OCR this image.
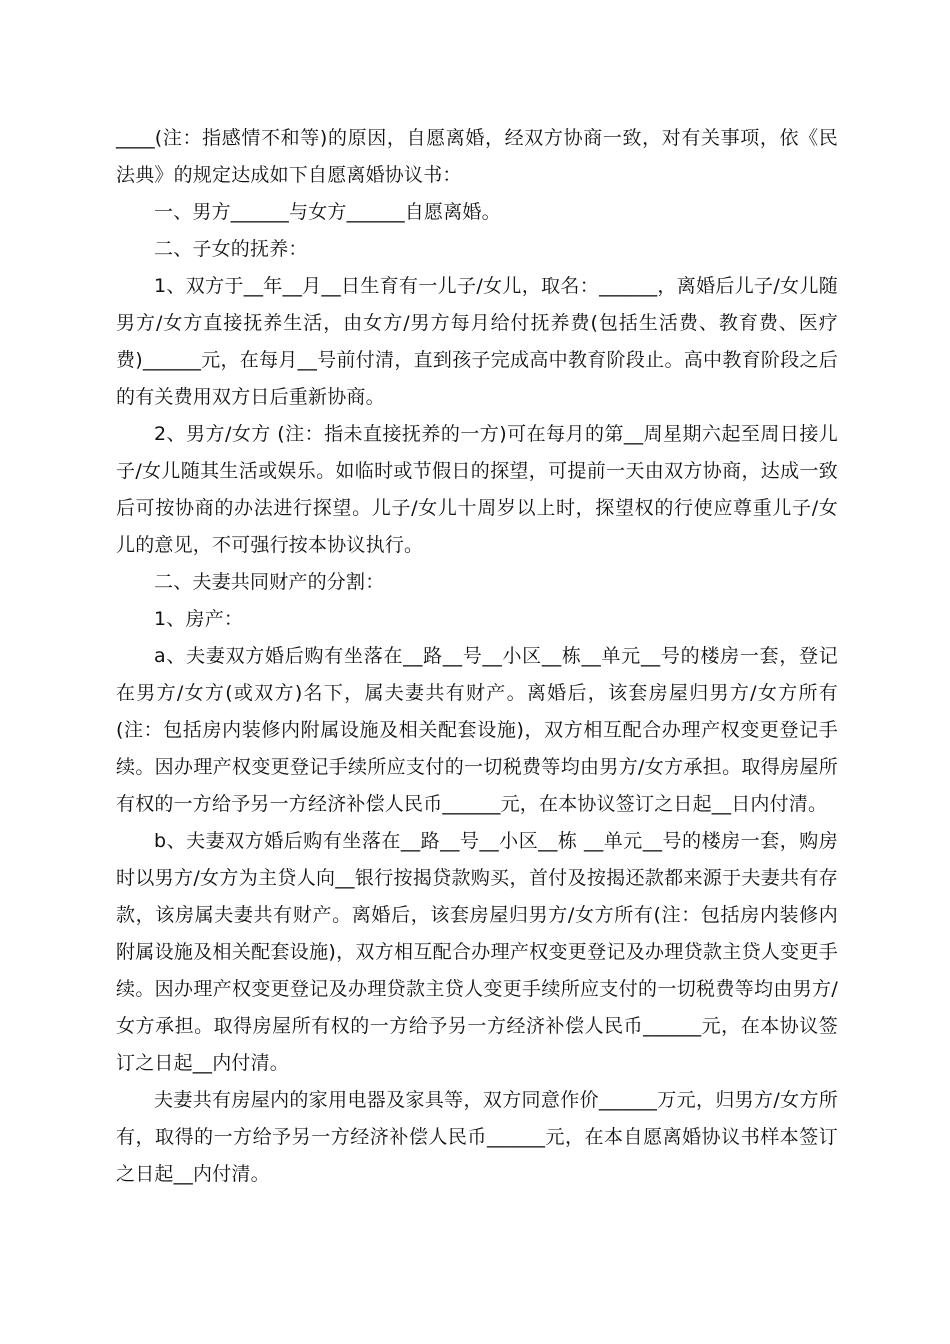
____(注：指感情不和等)的原因，自愿离婚，经双方协商一致，对有关事项，依《民法典》的规定达成如下自愿离婚协议书：

一、男方______与女方______自愿离婚。

二、子女的抚养：

1、双方于__年__月__日生育有一儿子/女儿，取名：______，离婚后儿子/女儿随男方/女方直接抚养生活，由女方/男方每月给付抚养费(包括生活费、教育费、医疗费)______元，在每月__号前付清，直到孩子完成高中教育阶段止。高中教育阶段之后的有关费用双方日后重新协商。

2、男方/女方 (注：指未直接抚养的一方)可在每月的第__周星期六起至周日接儿子/女儿随其生活或娱乐。如临时或节假日的探望，可提前一天由双方协商，达成一致后可按协商的办法进行探望。儿子/女儿十周岁以上时，探望权的行使应尊重儿子/女儿的意见，不可强行按本协议执行。

二、夫妻共同财产的分割：

1、房产：

a、夫妻双方婚后购有坐落在__路__号__小区__栋__单元__号的楼房一套，登记在男方/女方(或双方)名下，属夫妻共有财产。离婚后，该套房屋归男方/女方所有(注：包括房内装修内附属设施及相关配套设施)，双方相互配合办理产权变更登记手续。因办理产权变更登记手续所应支付的一切税费等均由男方/女方承担。取得房屋所有权的一方给予另一方经济补偿人民币______元，在本协议签订之日起__日内付清。

b、夫妻双方婚后购有坐落在__路__号__小区__栋 __单元__号的楼房一套，购房时以男方/女方为主贷人向__银行按揭贷款购买，首付及按揭还款都来源于夫妻共有存款，该房属夫妻共有财产。离婚后，该套房屋归男方/女方所有(注：包括房内装修内附属设施及相关配套设施)，双方相互配合办理产权变更登记及办理贷款主贷人变更手续。因办理产权变更登记及办理贷款主贷人变更手续所应支付的一切税费等均由男方/女方承担。取得房屋所有权的一方给予另一方经济补偿人民币______元，在本协议签订之日起__内付清。

夫妻共有房屋内的家用电器及家具等，双方同意作价______万元，归男方/女方所有，取得的一方给予另一方经济补偿人民币______元，在本自愿离婚协议书样本签订之日起__内付清。
